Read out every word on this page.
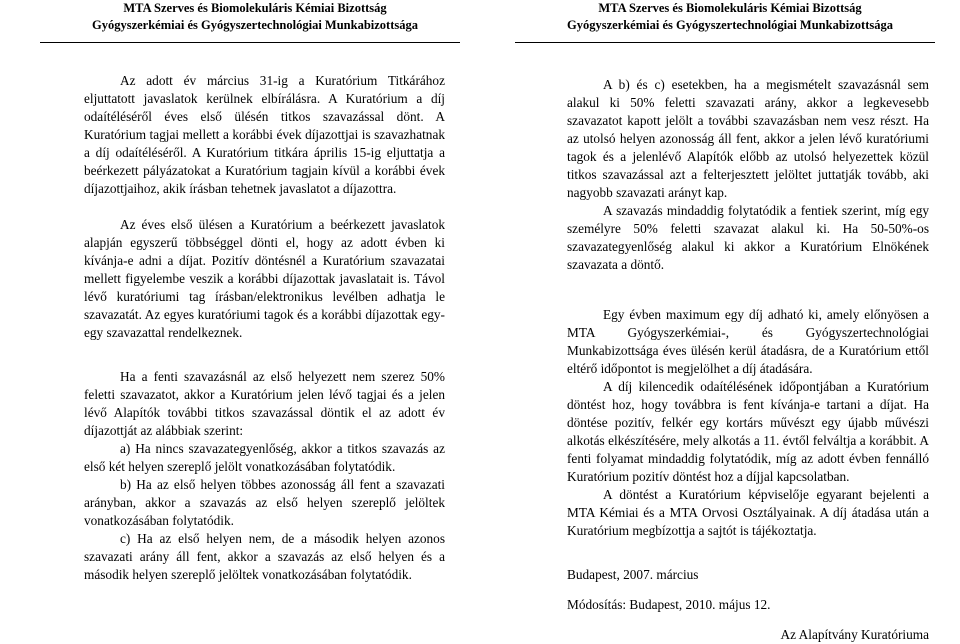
MTA Szerves és Biomolekuláris Kémiai Bizottság
Gyógyszerkémiai és Gyógyszertechnológiai Munkabizottsága

Az adott év március 31-ig a Kuratórium Titkárához eljuttatott javaslatok kerülnek elbírálásra. A Kuratórium a díj odaítéléséről éves első ülésén titkos szavazással dönt. A Kuratórium tagjai mellett a korábbi évek díjazottjai is szavazhatnak a díj odaítéléséről. A Kuratórium titkára április 15-ig eljuttatja a beérkezett pályázatokat a Kuratórium tagjain kívül a korábbi évek díjazottjaihoz, akik írásban tehetnek javaslatot a díjazottra.

Az éves első ülésen a Kuratórium a beérkezett javaslatok alapján egyszerű többséggel dönti el, hogy az adott évben ki kívánja-e adni a díjat. Pozitív döntésnél a Kuratórium szavazatai mellett figyelembe veszik a korábbi díjazottak javaslatait is. Távol lévő kuratóriumi tag írásban/elektronikus levélben adhatja le szavazatát. Az egyes kuratóriumi tagok és a korábbi díjazottak egy-egy szavazattal rendelkeznek.

Ha a fenti szavazásnál az első helyezett nem szerez 50% feletti szavazatot, akkor a Kuratórium jelen lévő tagjai és a jelen lévő Alapítók további titkos szavazással döntik el az adott év díjazottját az alábbiak szerint:

a) Ha nincs szavazategyenlőség, akkor a titkos szavazás az első két helyen szereplő jelölt vonatkozásában folytatódik.

b) Ha az első helyen többes azonosság áll fent a szavazati arányban, akkor a szavazás az első helyen szereplő jelöltek vonatkozásában folytatódik.

c) Ha az első helyen nem, de a második helyen azonos szavazati arány áll fent, akkor a szavazás az első helyen és a második helyen szereplő jelöltek vonatkozásában folytatódik.

MTA Szerves és Biomolekuláris Kémiai Bizottság
Gyógyszerkémiai és Gyógyszertechnológiai Munkabizottsága

A b) és c) esetekben, ha a megismételt szavazásnál sem alakul ki 50% feletti szavazati arány, akkor a legkevesebb szavazatot kapott jelölt a további szavazásban nem vesz részt. Ha az utolsó helyen azonosság áll fent, akkor a jelen lévő kuratóriumi tagok és a jelenlévő Alapítók előbb az utolsó helyezettek közül titkos szavazással azt a felterjesztett jelöltet juttatják tovább, aki nagyobb szavazati arányt kap.

A szavazás mindaddig folytatódik a fentiek szerint, míg egy személyre 50% feletti szavazat alakul ki. Ha 50-50%-os szavazategyenlőség alakul ki akkor a Kuratórium Elnökének szavazata a döntő.

Egy évben maximum egy díj adható ki, amely előnyösen a MTA Gyógyszerkémiai-, és Gyógyszertechnológiai Munkabizottsága éves ülésén kerül átadásra, de a Kuratórium ettől eltérő időpontot is megjelölhet a díj átadására.

A díj kilencedik odaítélésének időpontjában a Kuratórium döntést hoz, hogy továbbra is fent kívánja-e tartani a díjat. Ha döntése pozitív, felkér egy kortárs művészt egy újabb művészi alkotás elkészítésére, mely alkotás a 11. évtől felváltja a korábbit. A fenti folyamat mindaddig folytatódik, míg az adott évben fennálló Kuratórium pozitív döntést hoz a díjjal kapcsolatban.

A döntést a Kuratórium képviselője egyarant bejelenti a MTA Kémiai és a MTA Orvosi Osztályainak. A díj átadása után a Kuratórium megbízottja a sajtót is tájékoztatja.

Budapest, 2007. március

Módosítás: Budapest, 2010. május 12.

Az Alapítvány Kuratóriuma
